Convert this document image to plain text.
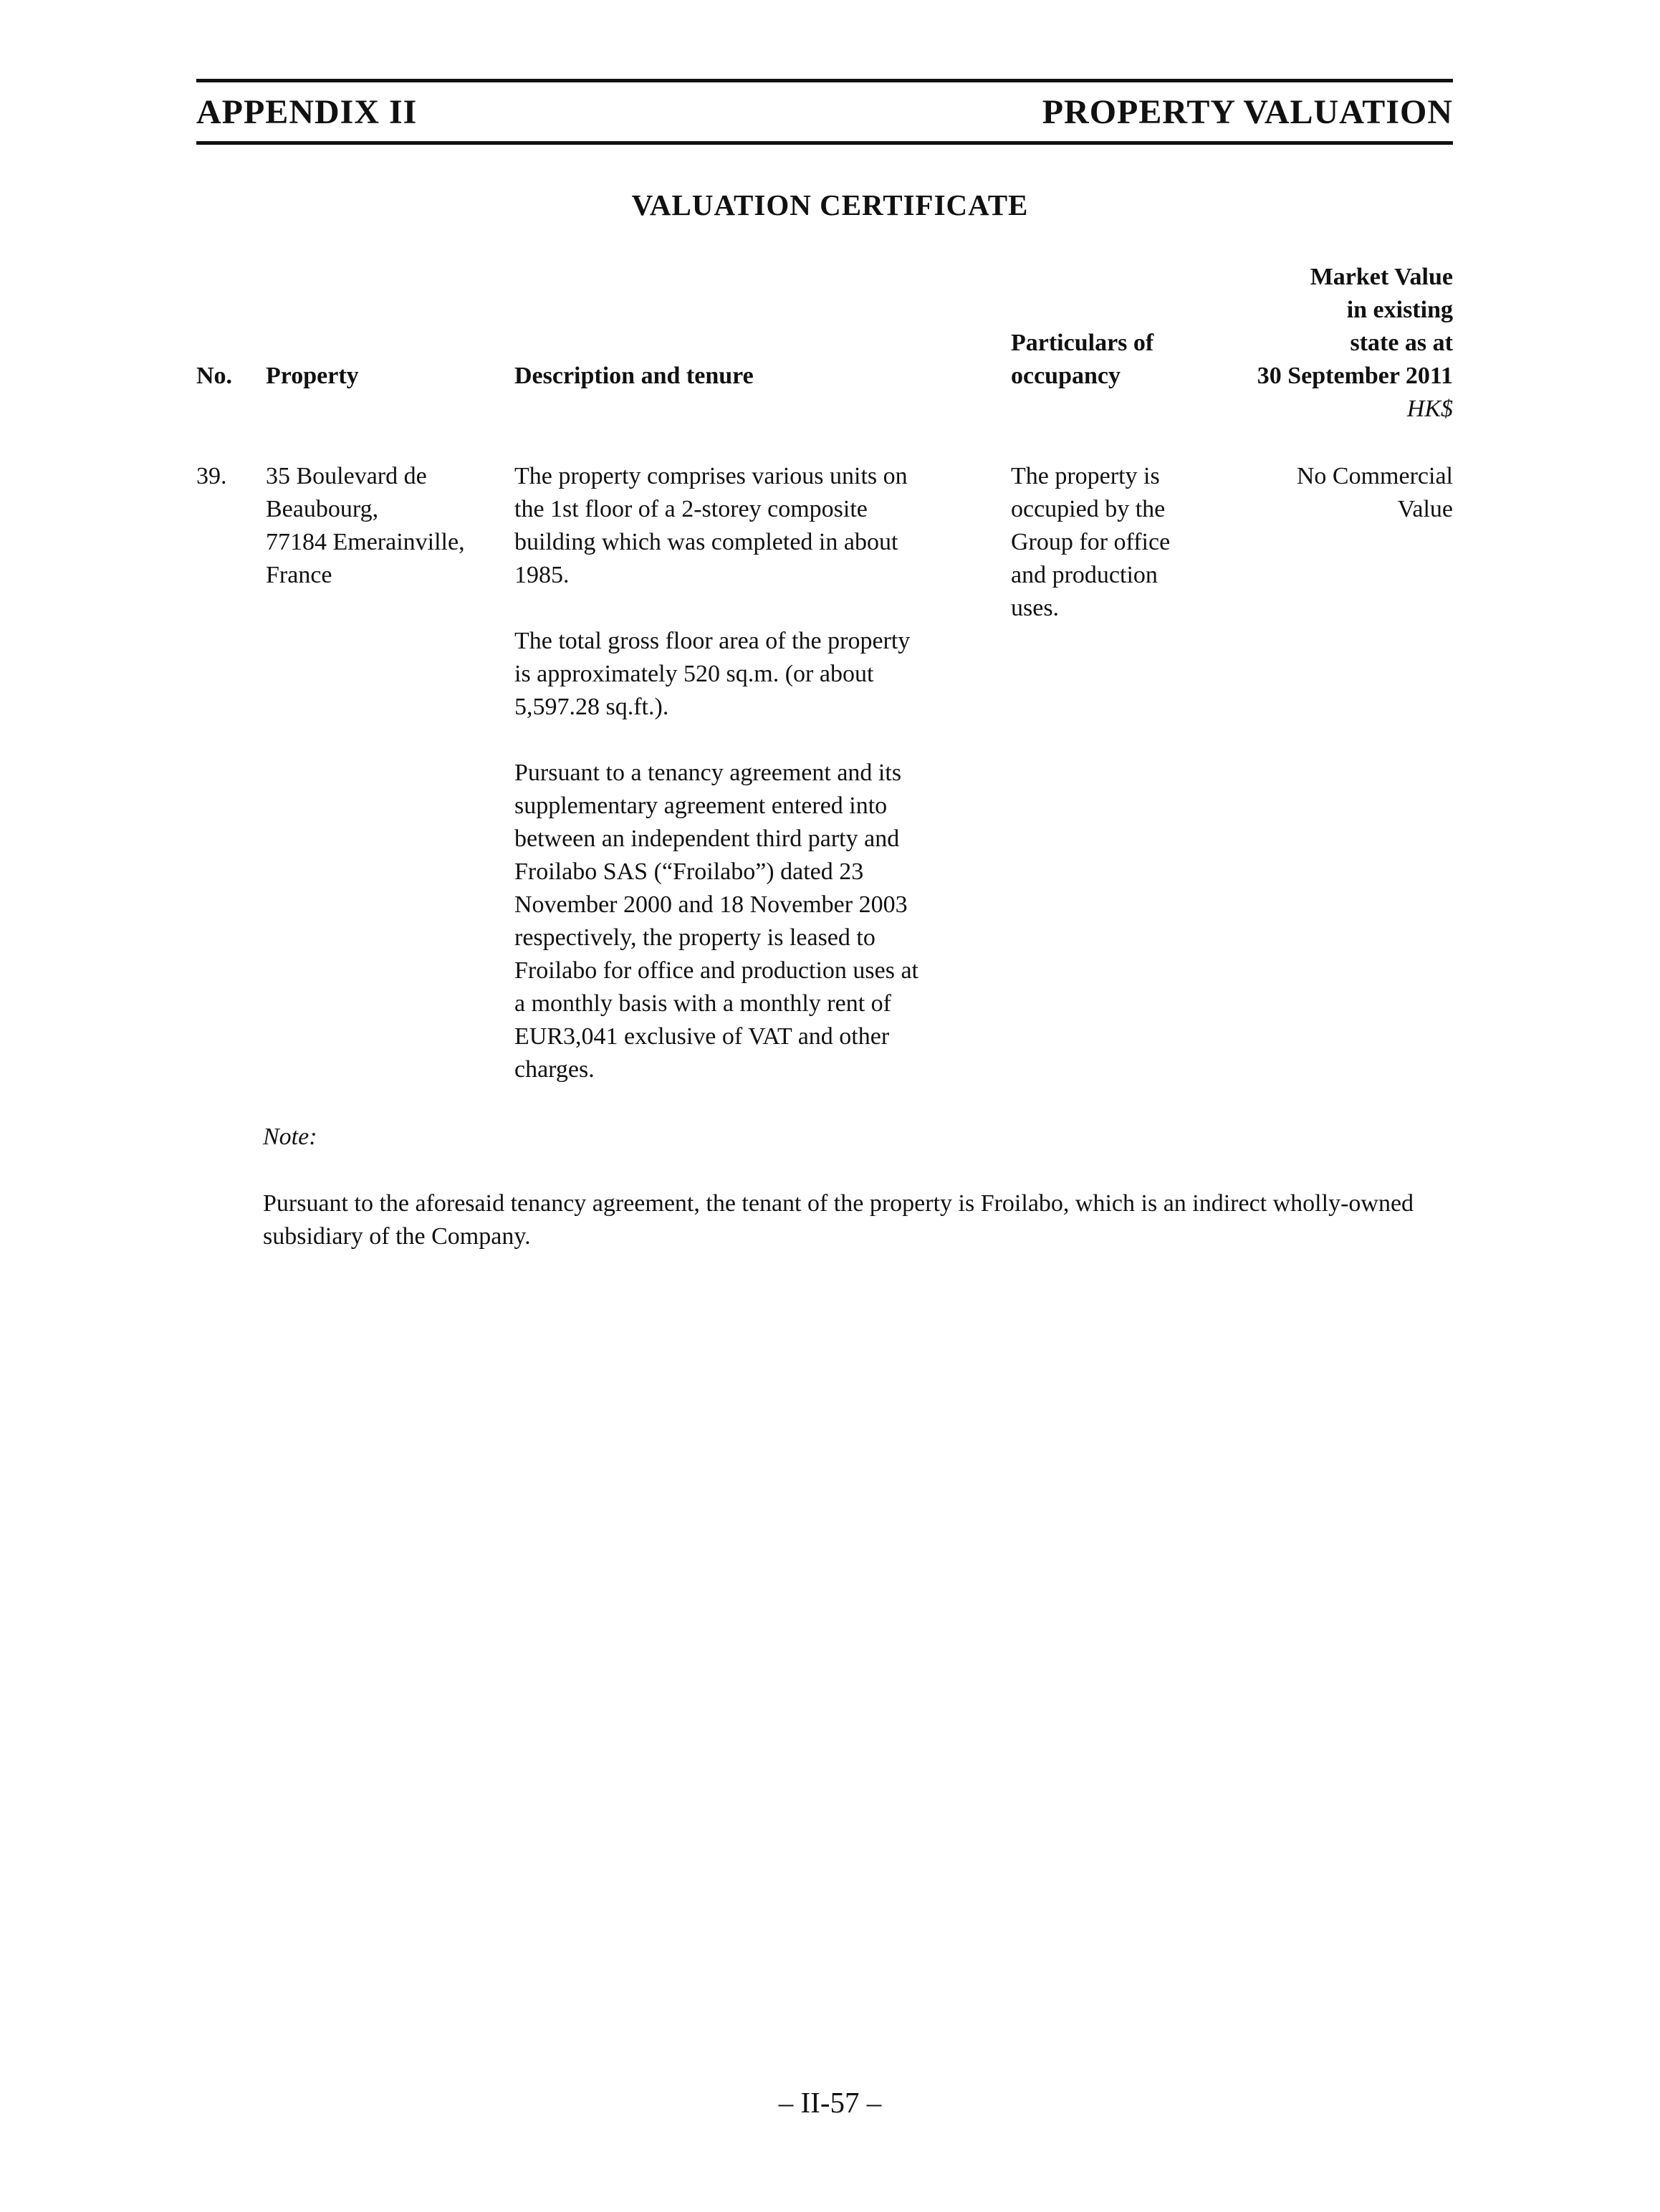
APPENDIX II	PROPERTY VALUATION
VALUATION CERTIFICATE
No. Property	Description and tenure
Particulars of
occupancy
Market Value
in existing
state as at
30 September 2011
HK$
39. 35 Boulevard de
Beaubourg,
77184 Emerainville,
France

The property comprises various units on
the 1st floor of a 2-storey composite
building which was completed in about
1985.

The total gross floor area of the property
is approximately 520 sq.m. (or about
5,597.28 sq.ft.).

Pursuant to a tenancy agreement and its
supplementary agreement entered into
between an independent third party and
Froilabo SAS (“Froilabo”) dated 23
November 2000 and 18 November 2003
respectively, the property is leased to
Froilabo for office and production uses at
a monthly basis with a monthly rent of
EUR3,041 exclusive of VAT and other
charges.

The property is
occupied by the
Group for office
and production
uses.
No Commercial
Value
Note:
Pursuant to the aforesaid tenancy agreement, the tenant of the property is Froilabo, which is an indirect wholly-owned subsidiary of the Company.
– II-57 –
